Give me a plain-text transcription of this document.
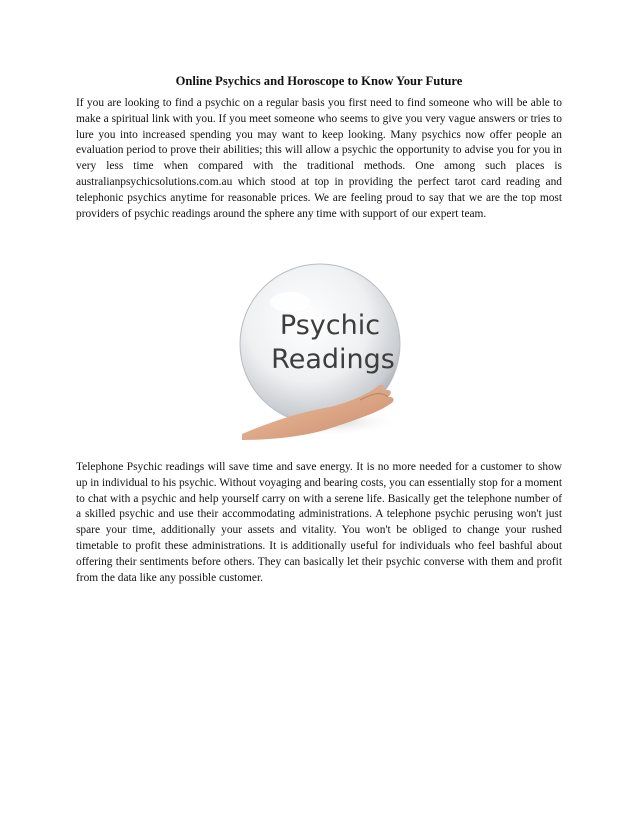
Online Psychics and Horoscope to Know Your Future

If you are looking to find a psychic on a regular basis you first need to find someone who will be able to make a spiritual link with you. If you meet someone who seems to give you very vague answers or tries to lure you into increased spending you may want to keep looking. Many psychics now offer people an evaluation period to prove their abilities; this will allow a psychic the opportunity to advise you for you in very less time when compared with the traditional methods. One among such places is australianpsychicsolutions.com.au which stood at top in providing the perfect tarot card reading and telephonic psychics anytime for reasonable prices. We are feeling proud to say that we are the top most providers of psychic readings around the sphere any time with support of our expert team.

Psychic
Readings

Telephone Psychic readings will save time and save energy. It is no more needed for a customer to show up in individual to his psychic. Without voyaging and bearing costs, you can essentially stop for a moment to chat with a psychic and help yourself carry on with a serene life. Basically get the telephone number of a skilled psychic and use their accommodating administrations. A telephone psychic perusing won't just spare your time, additionally your assets and vitality. You won't be obliged to change your rushed timetable to profit these administrations. It is additionally useful for individuals who feel bashful about offering their sentiments before others. They can basically let their psychic converse with them and profit from the data like any possible customer.
